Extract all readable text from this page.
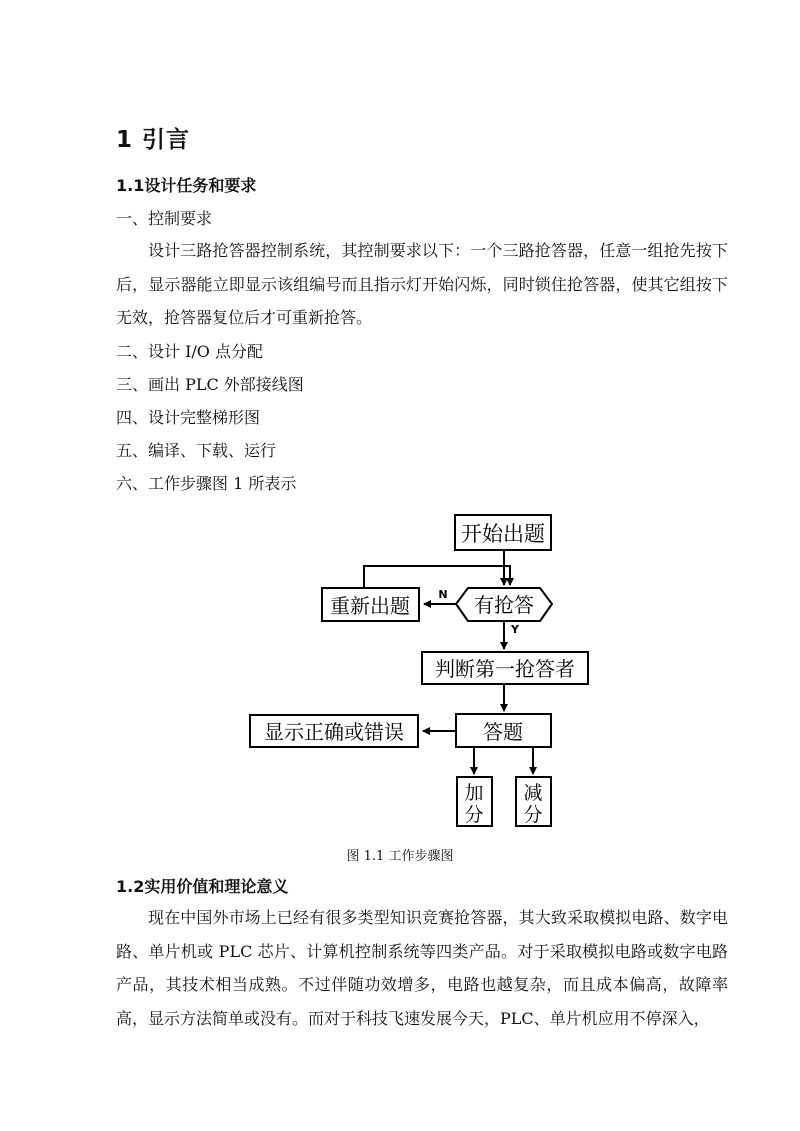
1 引言
1.1设计任务和要求
一、控制要求

设计三路抢答器控制系统，其控制要求以下：一个三路抢答器，任意一组抢先按下后，显示器能立即显示该组编号而且指示灯开始闪烁，同时锁住抢答器，使其它组按下无效，抢答器复位后才可重新抢答。

二、设计 I/O 点分配
三、画出 PLC 外部接线图
四、设计完整梯形图
五、编译、下载、运行
六、工作步骤图 1 所表示
开始出题
有抢答
重新出题	N
Y
判断第一抢答者
答题
显示正确或错误
加
分
减
分
图 1.1 工作步骤图
1.2实用价值和理论意义

现在中国外市场上已经有很多类型知识竞赛抢答器，其大致采取模拟电路、数字电路、单片机或 PLC 芯片、计算机控制系统等四类产品。对于采取模拟电路或数字电路产品，其技术相当成熟。不过伴随功效增多，电路也越复杂，而且成本偏高，故障率高，显示方法简单或没有。而对于科技飞速发展今天，PLC、单片机应用不停深入，
